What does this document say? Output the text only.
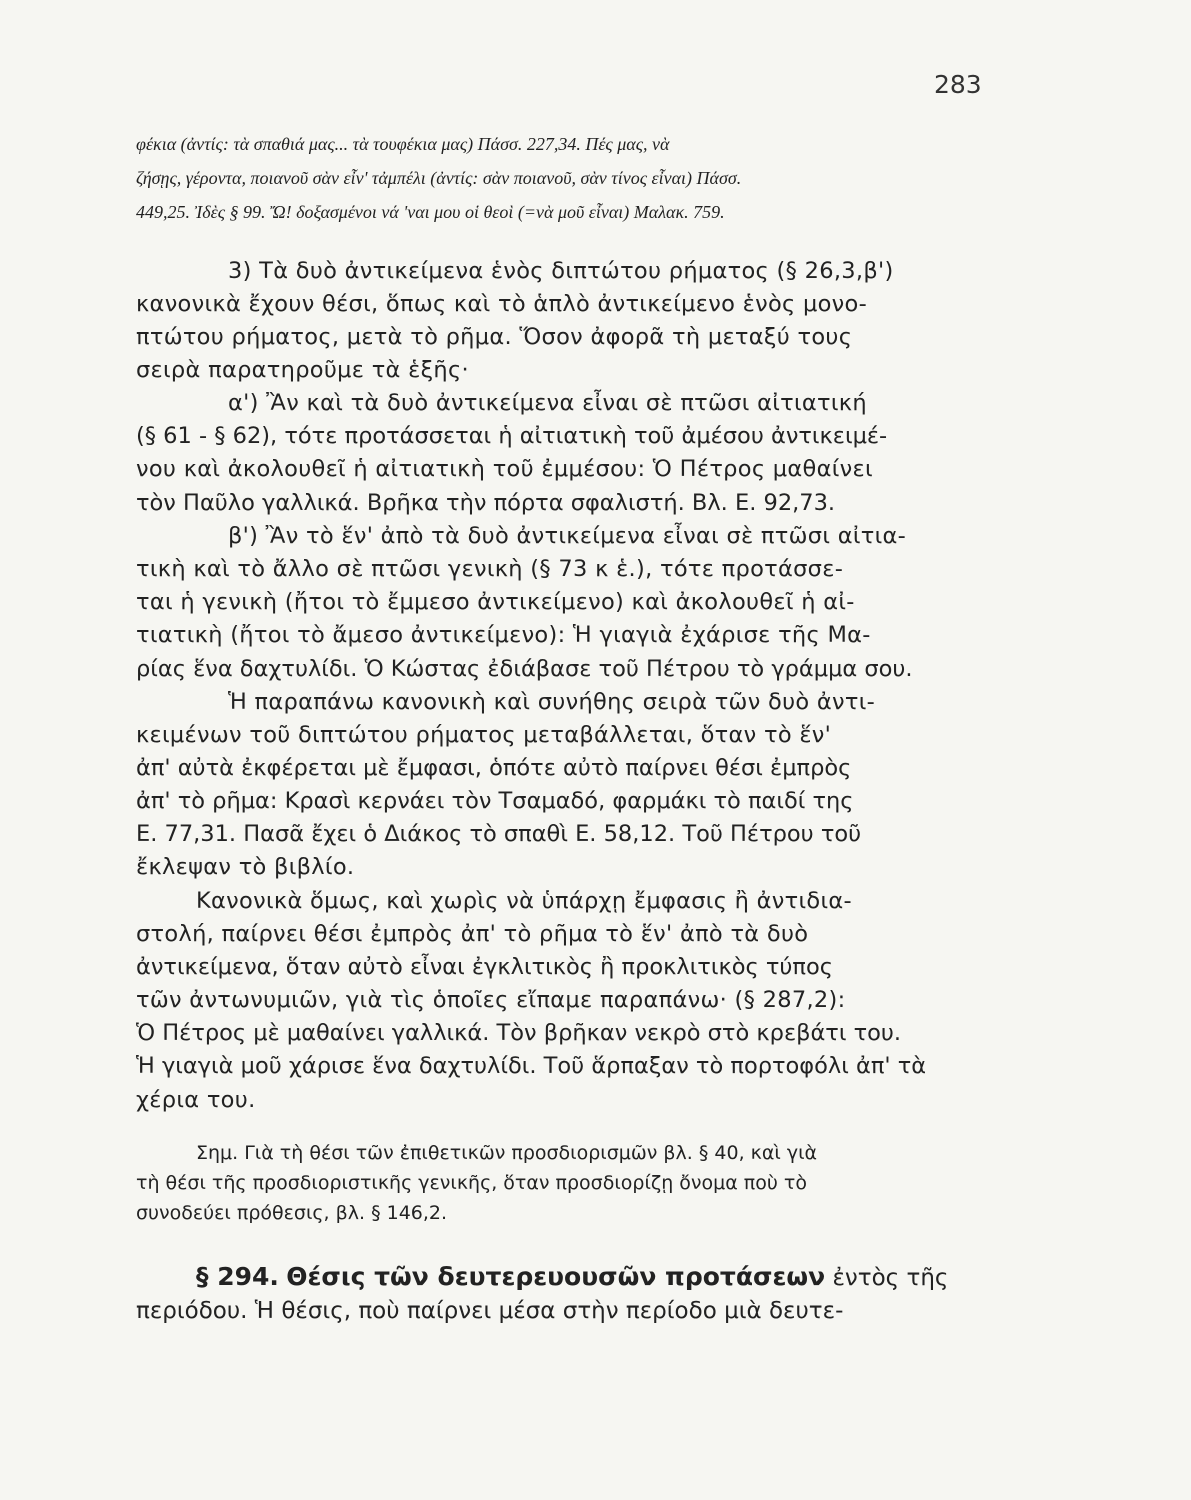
283
φέκια (ἀντίς: τὰ σπαθιά μας... τὰ τουφέκια μας) Πάσσ. 227,34. Πές μας, νὰ
ζήσῃς, γέροντα, ποιανοῦ σὰν εἶν' τἀμπέλι (ἀντίς: σὰν ποιανοῦ, σὰν τίνος εἶναι) Πάσσ.
449,25. Ἰδὲς § 99. Ὤ! δοξασμένοι νά 'ναι μου οἱ θεοὶ (=νὰ μοῦ εἶναι) Μαλακ. 759.
3) Τὰ δυὸ ἀντικείμενα ἑνὸς διπτώτου ρήματος (§ 26,3,β')
κανονικὰ ἔχουν θέσι, ὅπως καὶ τὸ ἁπλὸ ἀντικείμενο ἑνὸς μονο-
πτώτου ρήματος, μετὰ τὸ ρῆμα. Ὅσον ἀφορᾶ τὴ μεταξύ τους
σειρὰ παρατηροῦμε τὰ ἑξῆς·
α') Ἂν καὶ τὰ δυὸ ἀντικείμενα εἶναι σὲ πτῶσι αἰτιατική
(§ 61 - § 62), τότε προτάσσεται ἡ αἰτιατικὴ τοῦ ἀμέσου ἀντικειμέ-
νου καὶ ἀκολουθεῖ ἡ αἰτιατικὴ τοῦ ἐμμέσου: Ὁ Πέτρος μαθαίνει
τὸν Παῦλο γαλλικά. Βρῆκα τὴν πόρτα σφαλιστή. Βλ. Ε. 92,73.
β') Ἂν τὸ ἕν' ἀπὸ τὰ δυὸ ἀντικείμενα εἶναι σὲ πτῶσι αἰτια-
τικὴ καὶ τὸ ἄλλο σὲ πτῶσι γενικὴ (§ 73 κ ἑ.), τότε προτάσσε-
ται ἡ γενικὴ (ἤτοι τὸ ἔμμεσο ἀντικείμενο) καὶ ἀκολουθεῖ ἡ αἰ-
τιατικὴ (ἤτοι τὸ ἄμεσο ἀντικείμενο): Ἡ γιαγιὰ ἐχάρισε τῆς Μα-
ρίας ἕνα δαχτυλίδι. Ὁ Κώστας ἐδιάβασε τοῦ Πέτρου τὸ γράμμα σου.
Ἡ παραπάνω κανονικὴ καὶ συνήθης σειρὰ τῶν δυὸ ἀντι-
κειμένων τοῦ διπτώτου ρήματος μεταβάλλεται, ὅταν τὸ ἕν'
ἀπ' αὐτὰ ἐκφέρεται μὲ ἔμφασι, ὁπότε αὐτὸ παίρνει θέσι ἐμπρὸς
ἀπ' τὸ ρῆμα: Κρασὶ κερνάει τὸν Τσαμαδό, φαρμάκι τὸ παιδί της
Ε. 77,31. Πασᾶ ἔχει ὁ Διάκος τὸ σπαθὶ Ε. 58,12. Τοῦ Πέτρου τοῦ
ἔκλεψαν τὸ βιβλίο.
Κανονικὰ ὅμως, καὶ χωρὶς νὰ ὑπάρχῃ ἔμφασις ἢ ἀντιδια-
στολή, παίρνει θέσι ἐμπρὸς ἀπ' τὸ ρῆμα τὸ ἕν' ἀπὸ τὰ δυὸ
ἀντικείμενα, ὅταν αὐτὸ εἶναι ἐγκλιτικὸς ἢ προκλιτικὸς τύπος
τῶν ἀντωνυμιῶν, γιὰ τὶς ὁποῖες εἴπαμε παραπάνω· (§ 287,2):
Ὁ Πέτρος μὲ μαθαίνει γαλλικά. Τὸν βρῆκαν νεκρὸ στὸ κρεβάτι του.
Ἡ γιαγιὰ μοῦ χάρισε ἕνα δαχτυλίδι. Τοῦ ἅρπαξαν τὸ πορτοφόλι ἀπ' τὰ
χέρια του.
Σημ. Γιὰ τὴ θέσι τῶν ἐπιθετικῶν προσδιορισμῶν βλ. § 40, καὶ γιὰ
τὴ θέσι τῆς προσδιοριστικῆς γενικῆς, ὅταν προσδιορίζῃ ὄνομα ποὺ τὸ
συνοδεύει πρόθεσις, βλ. § 146,2.
§ 294. Θέσις τῶν δευτερευουσῶν προτάσεων ἐντὸς τῆς
περιόδου. Ἡ θέσις, ποὺ παίρνει μέσα στὴν περίοδο μιὰ δευτε-
